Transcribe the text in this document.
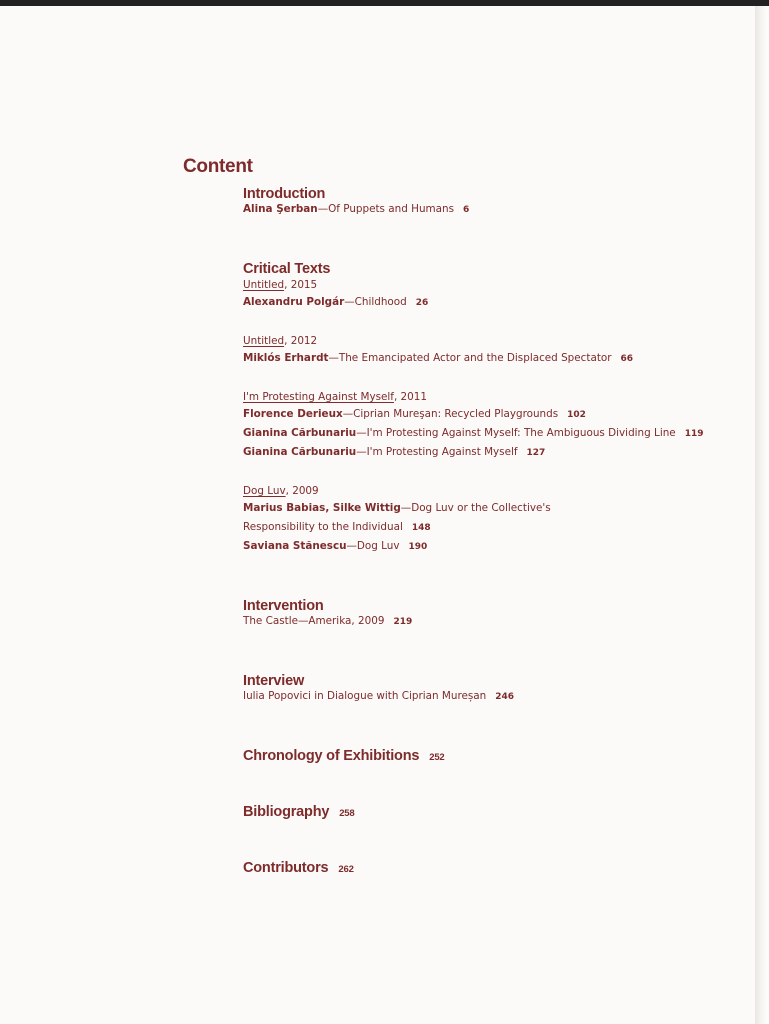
Content
Introduction
Alina Şerban—Of Puppets and Humans 6
Critical Texts
Untitled, 2015
Alexandru Polgár—Childhood 26
Untitled, 2012
Miklós Erhardt—The Emancipated Actor and the Displaced Spectator 66
I'm Protesting Against Myself, 2011
Florence Derieux—Ciprian Mureşan: Recycled Playgrounds 102
Gianina Cărbunariu—I'm Protesting Against Myself: The Ambiguous Dividing Line 119
Gianina Cărbunariu—I'm Protesting Against Myself 127
Dog Luv, 2009
Marius Babias, Silke Wittig—Dog Luv or the Collective's
Responsibility to the Individual 148
Saviana Stănescu—Dog Luv 190
Intervention
The Castle—Amerika, 2009 219
Interview
Iulia Popovici in Dialogue with Ciprian Mureșan 246
Chronology of Exhibitions 252
Bibliography 258
Contributors 262
